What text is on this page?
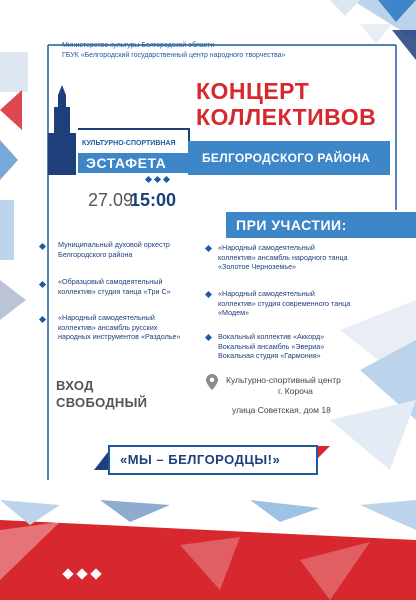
Министерство культуры Белгородской области
ГБУК «Белгородский государственный центр народного творчества»
КУЛЬТУРНО-СПОРТИВНАЯ
ЭСТАФЕТА
КОНЦЕРТ
КОЛЛЕКТИВОВ
БЕЛГОРОДСКОГО РАЙОНА
27.09
15:00
ПРИ УЧАСТИИ:
Муниципальный духовой оркестр
Белгородского района
«Образцовый самодеятельный
коллектив» студия танца «Три С»
«Народный самодеятельный
коллектив» ансамбль русских
народных инструментов «Раздолье»
«Народный самодеятельный
коллектив» ансамбль народного танца
«Золотое Черноземье»
«Народный самодеятельный
коллектив» студия современного танца
«Модем»
Вокальный коллектив «Аккорд»
Вокальный ансамбль «Эвериа»
Вокальная студия «Гармония»
ВХОД
СВОБОДНЫЙ
Культурно-спортивный центр
г. Короча
улица Советская, дом 18
«МЫ – БЕЛГОРОДЦЫ!»
